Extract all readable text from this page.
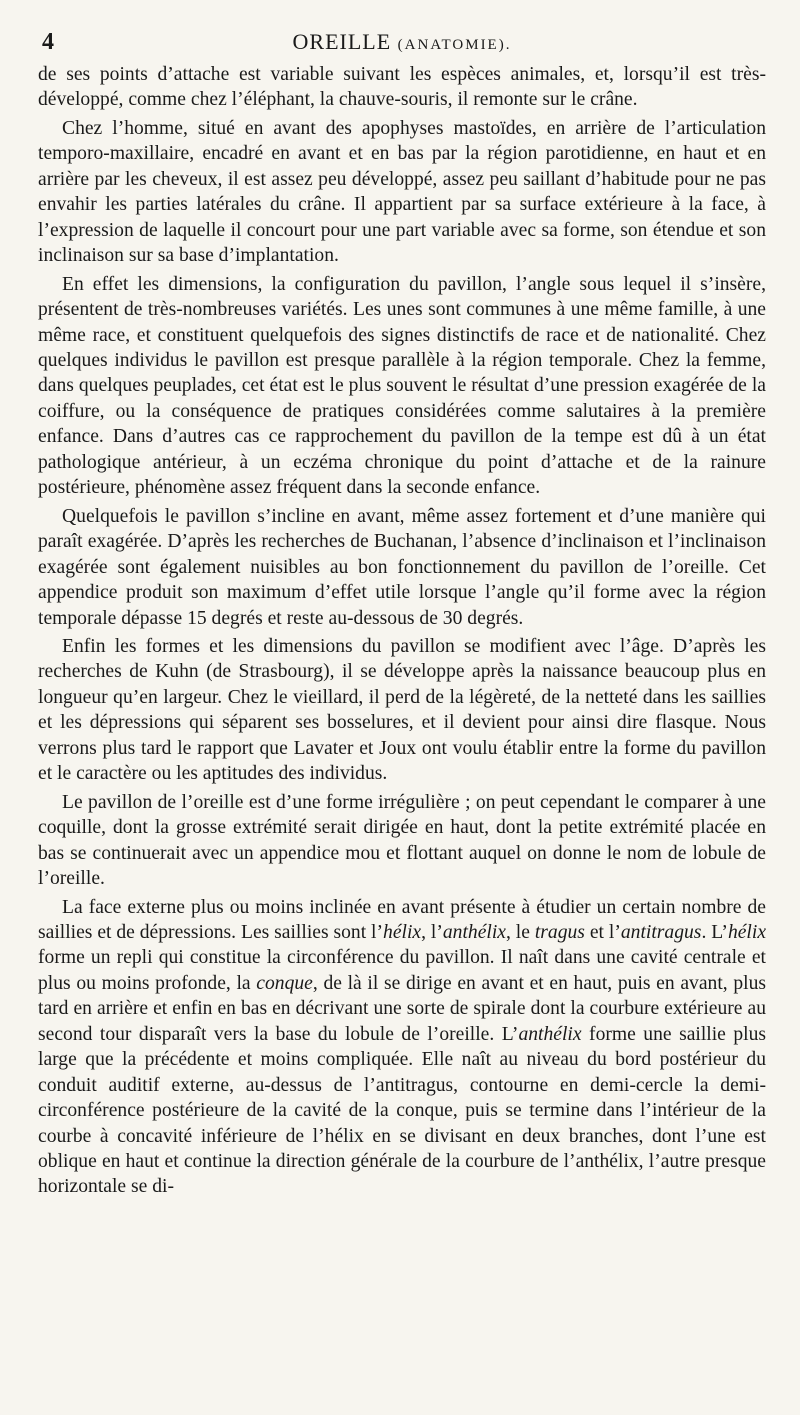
4	OREILLE (ANATOMIE).

de ses points d’attache est variable suivant les espèces animales, et, lorsqu’il est très-développé, comme chez l’éléphant, la chauve-souris, il remonte sur le crâne.

Chez l’homme, situé en avant des apophyses mastoïdes, en arrière de l’articulation temporo-maxillaire, encadré en avant et en bas par la région parotidienne, en haut et en arrière par les cheveux, il est assez peu développé, assez peu saillant d’habitude pour ne pas envahir les parties latérales du crâne. Il appartient par sa surface extérieure à la face, à l’expression de laquelle il concourt pour une part variable avec sa forme, son étendue et son inclinaison sur sa base d’implantation.

En effet les dimensions, la configuration du pavillon, l’angle sous lequel il s’insère, présentent de très-nombreuses variétés. Les unes sont communes à une même famille, à une même race, et constituent quelquefois des signes distinctifs de race et de nationalité. Chez quelques individus le pavillon est presque parallèle à la région temporale. Chez la femme, dans quelques peuplades, cet état est le plus souvent le résultat d’une pression exagérée de la coiffure, ou la conséquence de pratiques considérées comme salutaires à la première enfance. Dans d’autres cas ce rapprochement du pavillon de la tempe est dû à un état pathologique antérieur, à un eczéma chronique du point d’attache et de la rainure postérieure, phénomène assez fréquent dans la seconde enfance.

Quelquefois le pavillon s’incline en avant, même assez fortement et d’une manière qui paraît exagérée. D’après les recherches de Buchanan, l’absence d’inclinaison et l’inclinaison exagérée sont également nuisibles au bon fonctionnement du pavillon de l’oreille. Cet appendice produit son maximum d’effet utile lorsque l’angle qu’il forme avec la région temporale dépasse 15 degrés et reste au-dessous de 30 degrés.

Enfin les formes et les dimensions du pavillon se modifient avec l’âge. D’après les recherches de Kuhn (de Strasbourg), il se développe après la naissance beaucoup plus en longueur qu’en largeur. Chez le vieillard, il perd de la légèreté, de la netteté dans les saillies et les dépressions qui séparent ses bosselures, et il devient pour ainsi dire flasque. Nous verrons plus tard le rapport que Lavater et Joux ont voulu établir entre la forme du pavillon et le caractère ou les aptitudes des individus.

Le pavillon de l’oreille est d’une forme irrégulière ; on peut cependant le comparer à une coquille, dont la grosse extrémité serait dirigée en haut, dont la petite extrémité placée en bas se continuerait avec un appendice mou et flottant auquel on donne le nom de lobule de l’oreille.

La face externe plus ou moins inclinée en avant présente à étudier un certain nombre de saillies et de dépressions. Les saillies sont l’hélix, l’anthélix, le tragus et l’antitragus. L’hélix forme un repli qui constitue la circonférence du pavillon. Il naît dans une cavité centrale et plus ou moins profonde, la conque, de là il se dirige en avant et en haut, puis en avant, plus tard en arrière et enfin en bas en décrivant une sorte de spirale dont la courbure extérieure au second tour disparaît vers la base du lobule de l’oreille. L’anthélix forme une saillie plus large que la précédente et moins compliquée. Elle naît au niveau du bord postérieur du conduit auditif externe, au-dessus de l’antitragus, contourne en demi-cercle la demi-circonférence postérieure de la cavité de la conque, puis se termine dans l’intérieur de la courbe à concavité inférieure de l’hélix en se divisant en deux branches, dont l’une est oblique en haut et continue la direction générale de la courbure de l’anthélix, l’autre presque horizontale se di-
